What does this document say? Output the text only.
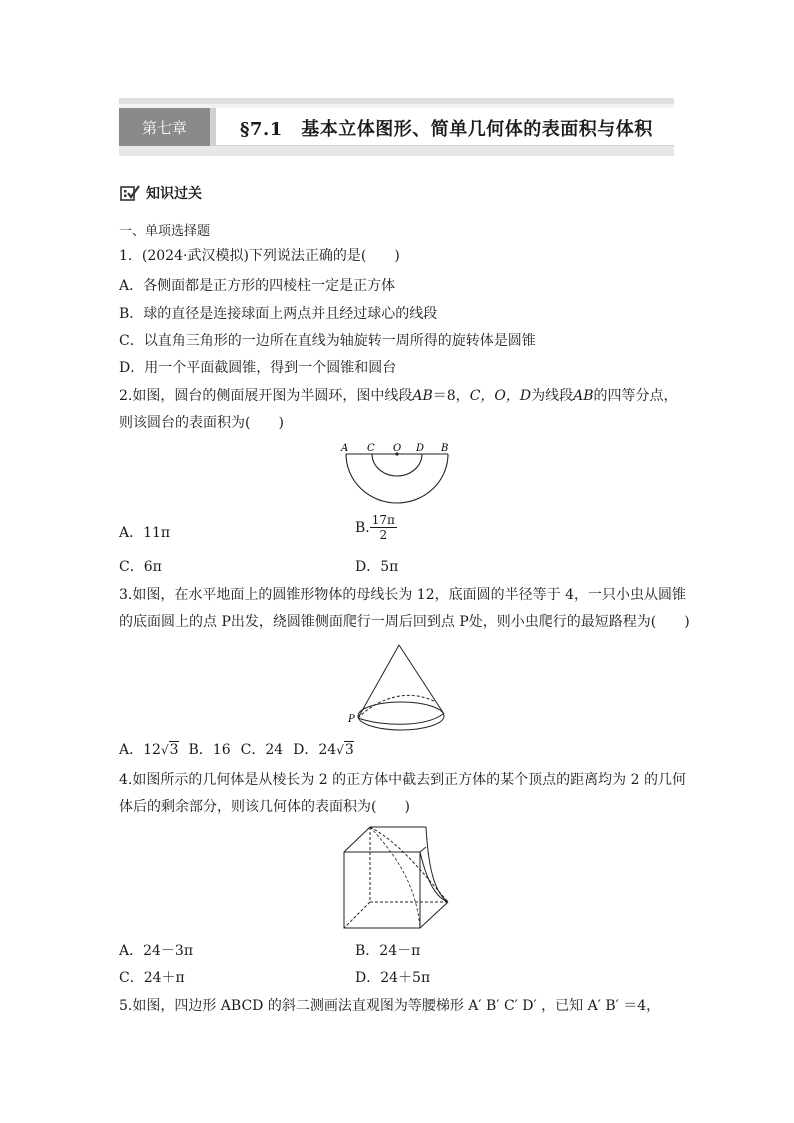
第七章	§7.1　基本立体图形、简单几何体的表面积与体积
知识过关
一、单项选择题
1．(2024·武汉模拟)下列说法正确的是(　　)
A．各侧面都是正方形的四棱柱一定是正方体
B．球的直径是连接球面上两点并且经过球心的线段
C．以直角三角形的一边所在直线为轴旋转一周所得的旋转体是圆锥
D．用一个平面截圆锥，得到一个圆锥和圆台
2.如图，圆台的侧面展开图为半圆环，图中线段AB＝8，C，O，D为线段AB的四等分点，
则该圆台的表面积为(　　)
A C O D B
A．11π	B. $\frac{17\pi}{2}$
C．6π	D．5π
3.如图，在水平地面上的圆锥形物体的母线长为 12，底面圆的半径等于 4，一只小虫从圆锥
的底面圆上的点 P出发，绕圆锥侧面爬行一周后回到点 P处，则小虫爬行的最短路程为(　　)
P
A．12√3 B．16 C．24 D．24√3
4.如图所示的几何体是从棱长为 2 的正方体中截去到正方体的某个顶点的距离均为 2 的几何
体后的剩余部分，则该几何体的表面积为(　　)
A．24－3π	B．24－π
C．24＋π	D．24＋5π
5.如图，四边形 ABCD 的斜二测画法直观图为等腰梯形 A′ B′ C′ D′ ，已知 A′ B′ ＝4，
